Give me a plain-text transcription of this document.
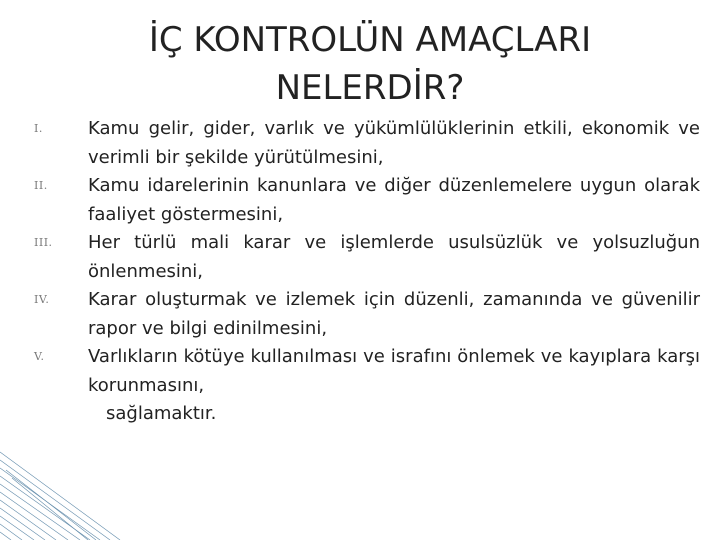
İÇ KONTROLÜN AMAÇLARI
NELERDİR?
I.	Kamu gelir, gider, varlık ve yükümlülüklerinin etkili, ekonomik ve verimli bir şekilde yürütülmesini,
II. Kamu idarelerinin kanunlara ve diğer düzenlemelere uygun olarak faaliyet göstermesini,
III. Her türlü mali karar ve işlemlerde usulsüzlük ve yolsuzluğun önlenmesini,
IV. Karar oluşturmak ve izlemek için düzenli, zamanında ve güvenilir rapor ve bilgi edinilmesini,
V. Varlıkların kötüye kullanılması ve israfını önlemek ve kayıplara karşı korunmasını,
sağlamaktır.
